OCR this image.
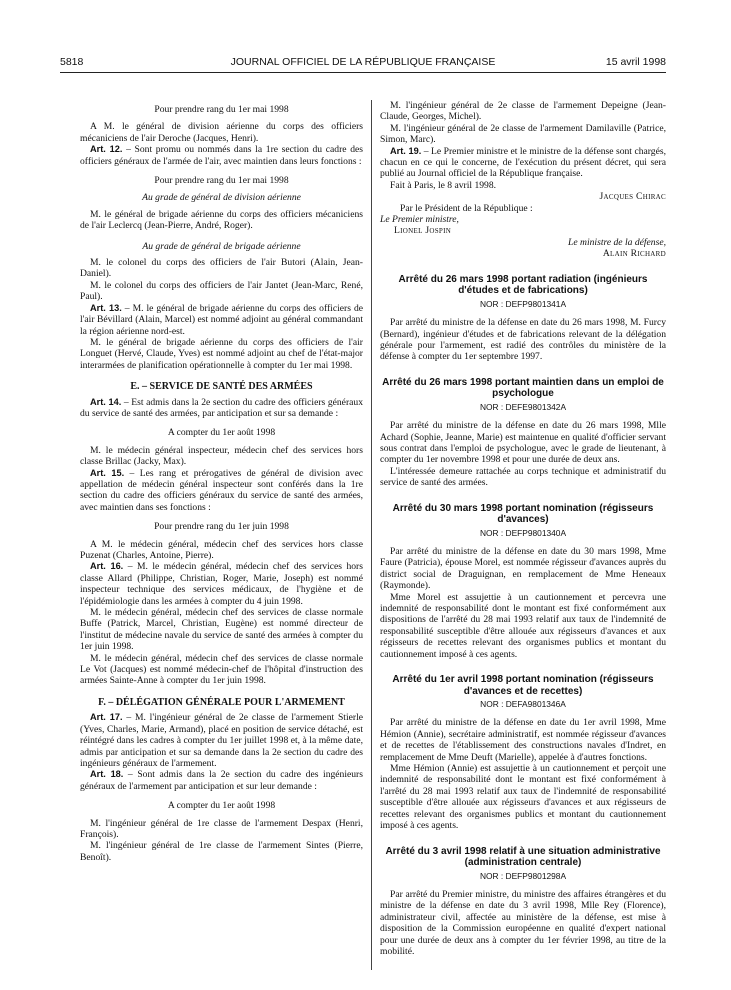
5818	JOURNAL OFFICIEL DE LA RÉPUBLIQUE FRANÇAISE	15 avril 1998

Pour prendre rang du 1er mai 1998

A M. le général de division aérienne du corps des officiers mécaniciens de l'air Deroche (Jacques, Henri).

Art. 12. – Sont promu ou nommés dans la 1re section du cadre des officiers généraux de l'armée de l'air, avec maintien dans leurs fonctions :

Pour prendre rang du 1er mai 1998

Au grade de général de division aérienne

M. le général de brigade aérienne du corps des officiers mécaniciens de l'air Leclercq (Jean-Pierre, André, Roger).

Au grade de général de brigade aérienne

M. le colonel du corps des officiers de l'air Butori (Alain, Jean-Daniel).

M. le colonel du corps des officiers de l'air Jantet (Jean-Marc, René, Paul).

Art. 13. – M. le général de brigade aérienne du corps des officiers de l'air Bévillard (Alain, Marcel) est nommé adjoint au général commandant la région aérienne nord-est.

M. le général de brigade aérienne du corps des officiers de l'air Longuet (Hervé, Claude, Yves) est nommé adjoint au chef de l'état-major interarmées de planification opérationnelle à compter du 1er mai 1998.

E. – SERVICE DE SANTÉ DES ARMÉES

Art. 14. – Est admis dans la 2e section du cadre des officiers généraux du service de santé des armées, par anticipation et sur sa demande :

A compter du 1er août 1998

M. le médecin général inspecteur, médecin chef des services hors classe Brillac (Jacky, Max).

Art. 15. – Les rang et prérogatives de général de division avec appellation de médecin général inspecteur sont conférés dans la 1re section du cadre des officiers généraux du service de santé des armées, avec maintien dans ses fonctions :

Pour prendre rang du 1er juin 1998

A M. le médecin général, médecin chef des services hors classe Puzenat (Charles, Antoine, Pierre).

Art. 16. – M. le médecin général, médecin chef des services hors classe Allard (Philippe, Christian, Roger, Marie, Joseph) est nommé inspecteur technique des services médicaux, de l'hygiène et de l'épidémiologie dans les armées à compter du 4 juin 1998.

M. le médecin général, médecin chef des services de classe normale Buffe (Patrick, Marcel, Christian, Eugène) est nommé directeur de l'institut de médecine navale du service de santé des armées à compter du 1er juin 1998.

M. le médecin général, médecin chef des services de classe normale Le Vot (Jacques) est nommé médecin-chef de l'hôpital d'instruction des armées Sainte-Anne à compter du 1er juin 1998.

F. – DÉLÉGATION GÉNÉRALE POUR L'ARMEMENT

Art. 17. – M. l'ingénieur général de 2e classe de l'armement Stierle (Yves, Charles, Marie, Armand), placé en position de service détaché, est réintégré dans les cadres à compter du 1er juillet 1998 et, à la même date, admis par anticipation et sur sa demande dans la 2e section du cadre des ingénieurs généraux de l'armement.

Art. 18. – Sont admis dans la 2e section du cadre des ingénieurs généraux de l'armement par anticipation et sur leur demande :

A compter du 1er août 1998

M. l'ingénieur général de 1re classe de l'armement Despax (Henri, François).

M. l'ingénieur général de 1re classe de l'armement Sintes (Pierre, Benoît).

M. l'ingénieur général de 2e classe de l'armement Depeigne (Jean-Claude, Georges, Michel).

M. l'ingénieur général de 2e classe de l'armement Damilaville (Patrice, Simon, Marc).

Art. 19. – Le Premier ministre et le ministre de la défense sont chargés, chacun en ce qui le concerne, de l'exécution du présent décret, qui sera publié au Journal officiel de la République française.

Fait à Paris, le 8 avril 1998.

Jacques Chirac

Par le Président de la République :

Le Premier ministre,

Lionel Jospin

Le ministre de la défense,

Alain Richard

Arrêté du 26 mars 1998 portant radiation (ingénieurs d'études et de fabrications)
NOR : DEFP9801341A

Par arrêté du ministre de la défense en date du 26 mars 1998, M. Furcy (Bernard), ingénieur d'études et de fabrications relevant de la délégation générale pour l'armement, est radié des contrôles du ministère de la défense à compter du 1er septembre 1997.

Arrêté du 26 mars 1998 portant maintien dans un emploi de psychologue
NOR : DEFE9801342A

Par arrêté du ministre de la défense en date du 26 mars 1998, Mlle Achard (Sophie, Jeanne, Marie) est maintenue en qualité d'officier servant sous contrat dans l'emploi de psychologue, avec le grade de lieutenant, à compter du 1er novembre 1998 et pour une durée de deux ans.

L'intéressée demeure rattachée au corps technique et administratif du service de santé des armées.

Arrêté du 30 mars 1998 portant nomination (régisseurs d'avances)
NOR : DEFP9801340A

Par arrêté du ministre de la défense en date du 30 mars 1998, Mme Faure (Patricia), épouse Morel, est nommée régisseur d'avances auprès du district social de Draguignan, en remplacement de Mme Heneaux (Raymonde).

Mme Morel est assujettie à un cautionnement et percevra une indemnité de responsabilité dont le montant est fixé conformément aux dispositions de l'arrêté du 28 mai 1993 relatif aux taux de l'indemnité de responsabilité susceptible d'être allouée aux régisseurs d'avances et aux régisseurs de recettes relevant des organismes publics et montant du cautionnement imposé à ces agents.

Arrêté du 1er avril 1998 portant nomination (régisseurs d'avances et de recettes)
NOR : DEFA9801346A

Par arrêté du ministre de la défense en date du 1er avril 1998, Mme Hémion (Annie), secrétaire administratif, est nommée régisseur d'avances et de recettes de l'établissement des constructions navales d'Indret, en remplacement de Mme Deuft (Marielle), appelée à d'autres fonctions.

Mme Hémion (Annie) est assujettie à un cautionnement et perçoit une indemnité de responsabilité dont le montant est fixé conformément à l'arrêté du 28 mai 1993 relatif aux taux de l'indemnité de responsabilité susceptible d'être allouée aux régisseurs d'avances et aux régisseurs de recettes relevant des organismes publics et montant du cautionnement imposé à ces agents.

Arrêté du 3 avril 1998 relatif à une situation administrative (administration centrale)
NOR : DEFP9801298A

Par arrêté du Premier ministre, du ministre des affaires étrangères et du ministre de la défense en date du 3 avril 1998, Mlle Rey (Florence), administrateur civil, affectée au ministère de la défense, est mise à disposition de la Commission européenne en qualité d'expert national pour une durée de deux ans à compter du 1er février 1998, au titre de la mobilité.
